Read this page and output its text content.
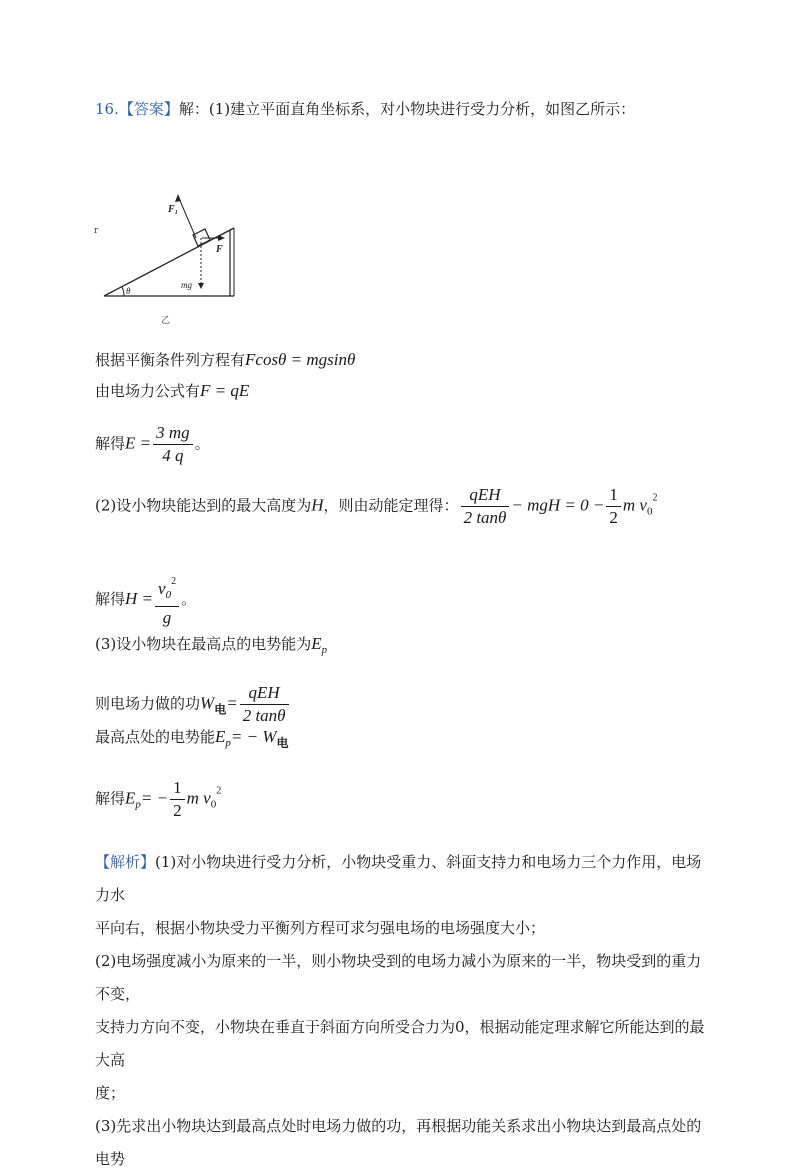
16.【答案】解：(1)建立平面直角坐标系，对小物块进行受力分析，如图乙所示：
F₁
F
mg
θ
乙
r
根据平衡条件列方程有Fcosθ = mgsinθ
由电场力公式有F = qE
解得$E = \frac{3 mg}{4 q}$ 。
(2)设小物块能达到的最大高度为H，则由动能定理得： $\frac{\text{qEH}}{2 \tan\theta}$ − mgH = $0 - \frac{1}{2}$ m $v_0^2$
解得$H = \frac{v_0^2}{g}$ 。
(3)设小物块在最高点的电势能为$E_p$
则电场力做的功$W_电= \frac{\text{qEH}}{2 \tan\theta}$
最高点处的电势能$E_p= - W_电$
解得$E_p= - \frac{1}{2}$ m $v_0^2$
【解析】(1)对小物块进行受力分析，小物块受重力、斜面支持力和电场力三个力作用，电场力水
平向右，根据小物块受力平衡列方程可求匀强电场的电场强度大小；
(2)电场强度减小为原来的一半，则小物块受到的电场力减小为原来的一半，物块受到的重力不变，
支持力方向不变，小物块在垂直于斜面方向所受合力为0，根据动能定理求解它所能达到的最大高
度；
(3)先求出小物块达到最高点处时电场力做的功，再根据功能关系求出小物块达到最高点处的电势
